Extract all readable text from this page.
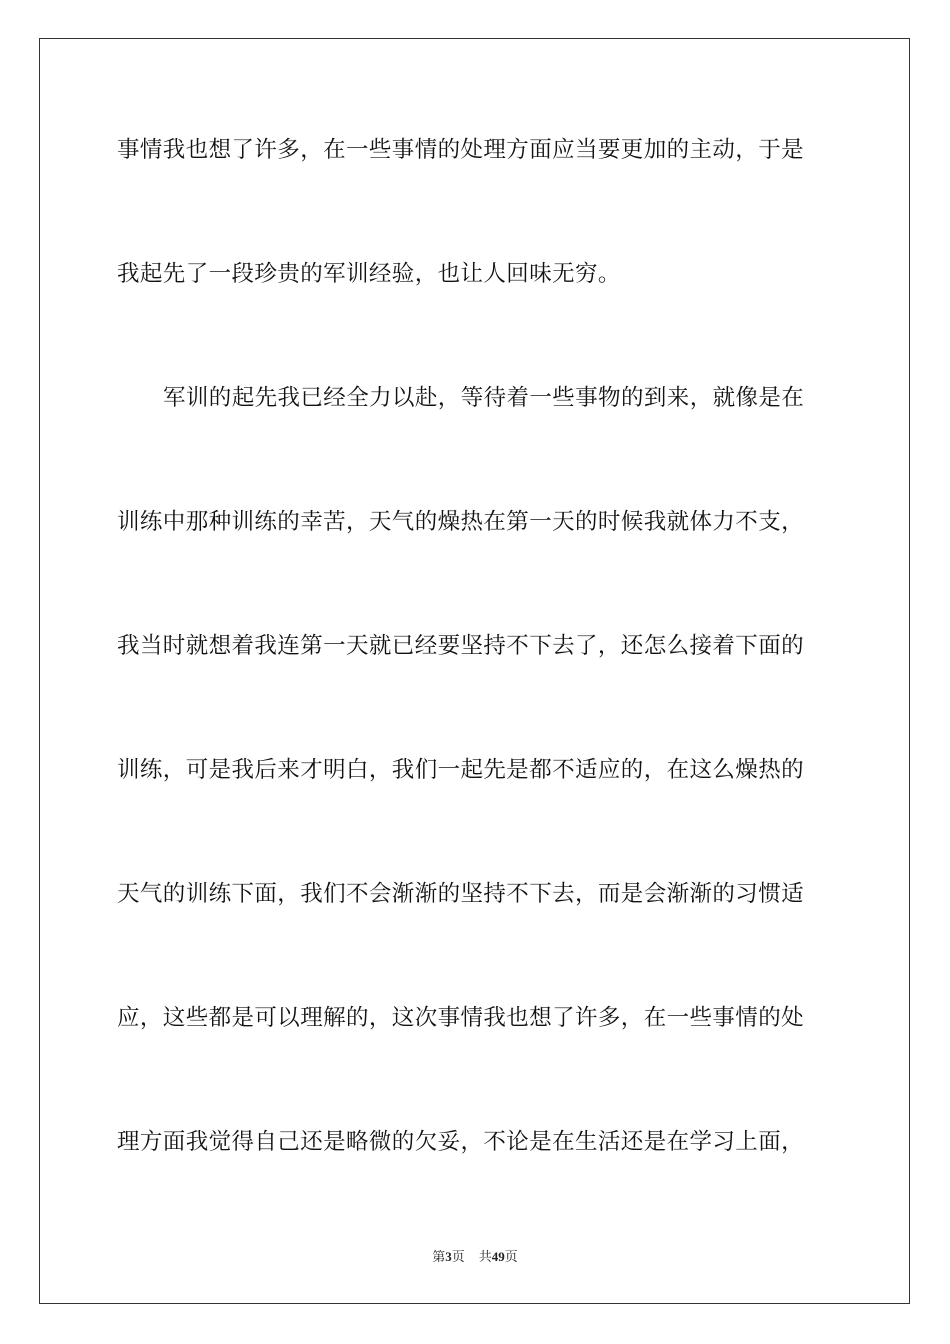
事情我也想了许多，在一些事情的处理方面应当要更加的主动，于是
我起先了一段珍贵的军训经验，也让人回味无穷。
军训的起先我已经全力以赴，等待着一些事物的到来，就像是在
训练中那种训练的幸苦，天气的燥热在第一天的时候我就体力不支，
我当时就想着我连第一天就已经要坚持不下去了，还怎么接着下面的
训练，可是我后来才明白，我们一起先是都不适应的，在这么燥热的
天气的训练下面，我们不会渐渐的坚持不下去，而是会渐渐的习惯适
应，这些都是可以理解的，这次事情我也想了许多，在一些事情的处
理方面我觉得自己还是略微的欠妥，不论是在生活还是在学习上面，
第3页 共49页
